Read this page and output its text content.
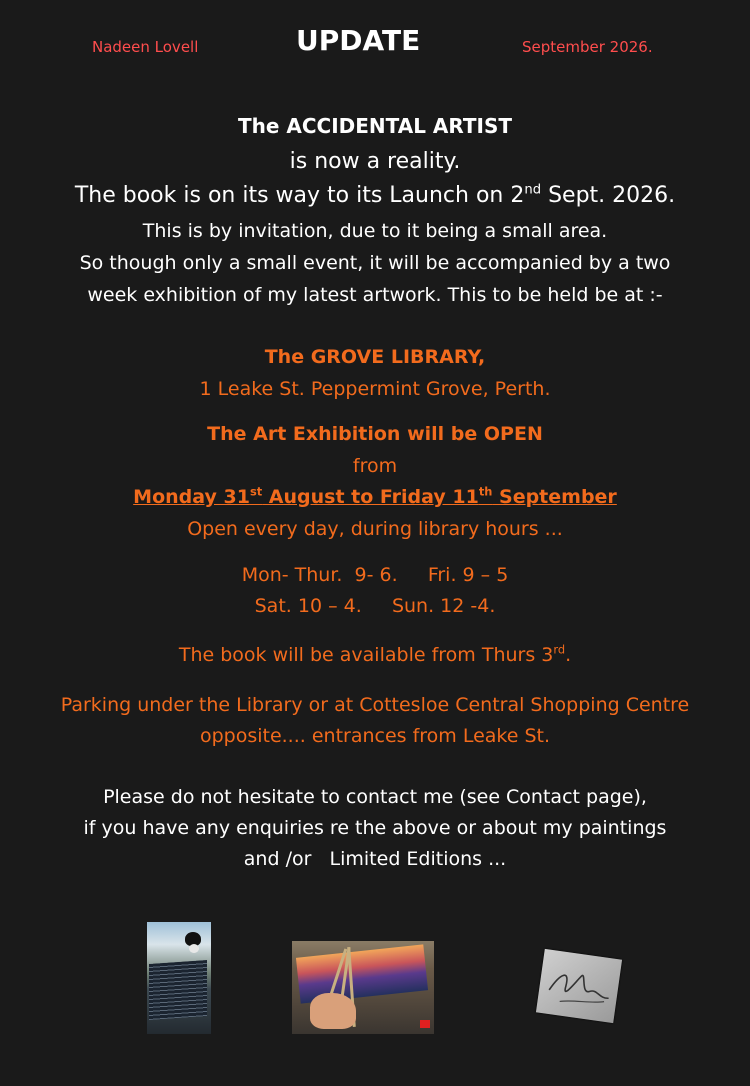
Nadeen Lovell	UPDATE	September 2026.
The ACCIDENTAL ARTIST
is now a reality.
The book is on its way to its Launch on 2nd Sept. 2026.
This is by invitation, due to it being a small area.
So though only a small event, it will be accompanied by a two
week exhibition of my latest artwork. This to be held be at :-
The GROVE LIBRARY,
1 Leake St. Peppermint Grove, Perth.
The Art Exhibition will be OPEN
from
Monday 31st August to Friday 11th September
Open every day, during library hours ...
Mon- Thur.  9- 6.     Fri. 9 – 5
Sat. 10 – 4.     Sun. 12 -4.
The book will be available from Thurs 3rd.
Parking under the Library or at Cottesloe Central Shopping Centre
opposite.... entrances from Leake St.
Please do not hesitate to contact me (see Contact page),
if you have any enquiries re the above or about my paintings
and /or   Limited Editions ...
